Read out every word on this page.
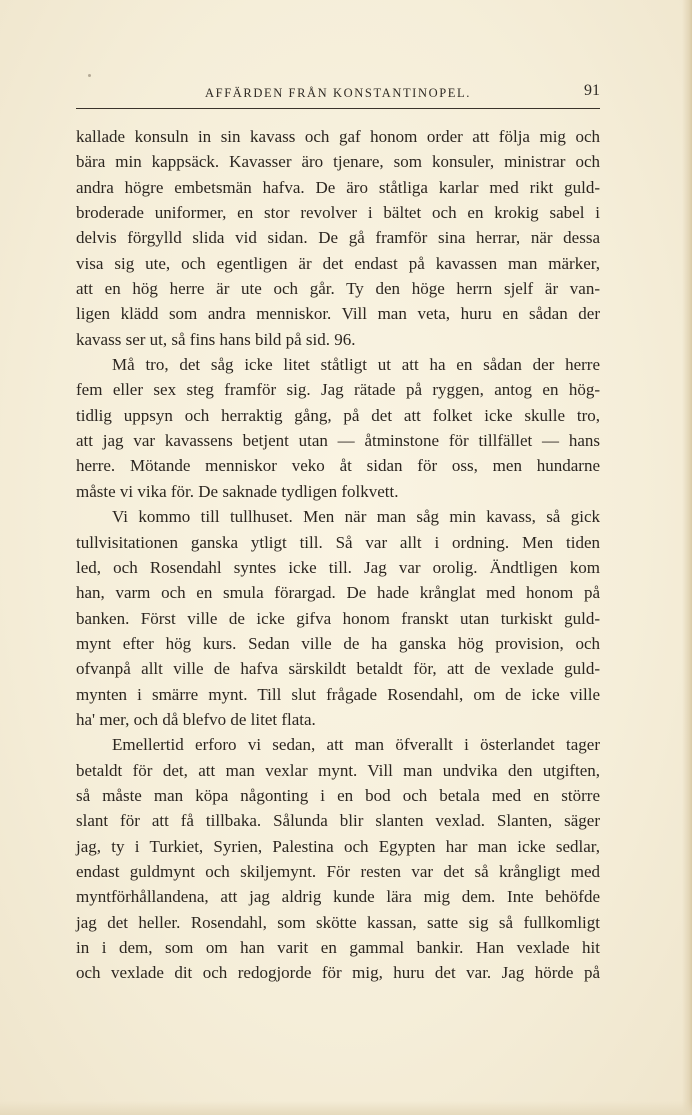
AFFÄRDEN FRÅN KONSTANTINOPEL.	91
kallade konsuln in sin kavass och gaf honom order att följa mig och
bära min kappsäck. Kavasser äro tjenare, som konsuler, ministrar och
andra högre embetsmän hafva. De äro ståtliga karlar med rikt guld-
broderade uniformer, en stor revolver i bältet och en krokig sabel i
delvis förgylld slida vid sidan. De gå framför sina herrar, när dessa
visa sig ute, och egentligen är det endast på kavassen man märker,
att en hög herre är ute och går. Ty den höge herrn sjelf är van-
ligen klädd som andra menniskor. Vill man veta, huru en sådan der
kavass ser ut, så fins hans bild på sid. 96.
Må tro, det såg icke litet ståtligt ut att ha en sådan der herre
fem eller sex steg framför sig. Jag rätade på ryggen, antog en hög-
tidlig uppsyn och herraktig gång, på det att folket icke skulle tro,
att jag var kavassens betjent utan — åtminstone för tillfället — hans
herre. Mötande menniskor veko åt sidan för oss, men hundarne
måste vi vika för. De saknade tydligen folkvett.
Vi kommo till tullhuset. Men när man såg min kavass, så gick
tullvisitationen ganska ytligt till. Så var allt i ordning. Men tiden
led, och Rosendahl syntes icke till. Jag var orolig. Ändtligen kom
han, varm och en smula förargad. De hade krånglat med honom på
banken. Först ville de icke gifva honom franskt utan turkiskt guld-
mynt efter hög kurs. Sedan ville de ha ganska hög provision, och
ofvanpå allt ville de hafva särskildt betaldt för, att de vexlade guld-
mynten i smärre mynt. Till slut frågade Rosendahl, om de icke ville
ha' mer, och då blefvo de litet flata.
Emellertid erforo vi sedan, att man öfverallt i österlandet tager
betaldt för det, att man vexlar mynt. Vill man undvika den utgiften,
så måste man köpa någonting i en bod och betala med en större
slant för att få tillbaka. Sålunda blir slanten vexlad. Slanten, säger
jag, ty i Turkiet, Syrien, Palestina och Egypten har man icke sedlar,
endast guldmynt och skiljemynt. För resten var det så krångligt med
myntförhållandena, att jag aldrig kunde lära mig dem. Inte behöfde
jag det heller. Rosendahl, som skötte kassan, satte sig så fullkomligt
in i dem, som om han varit en gammal bankir. Han vexlade hit
och vexlade dit och redogjorde för mig, huru det var. Jag hörde på
